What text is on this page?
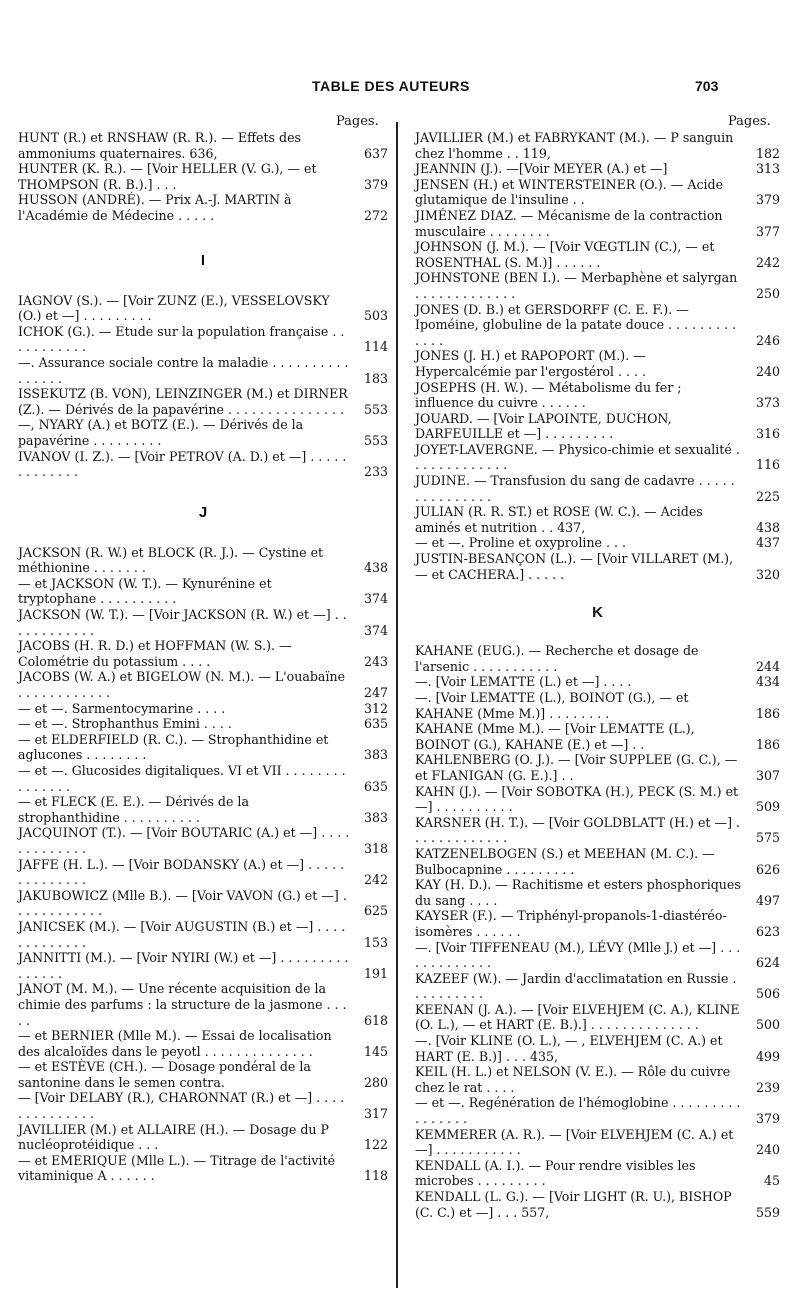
TABLE DES AUTEURS	703
Pages.	Pages.
HUNT (R.) et RNSHAW (R. R.). — Effets des ammoniums quaternaires. 636,	637
HUNTER (K. R.). — [Voir HELLER (V. G.), — et THOMPSON (R. B.).] . . .	379
HUSSON (ANDRÉ). — Prix A.-J. MARTIN à l'Académie de Médecine . . . . .	272
I
IAGNOV (S.). — [Voir ZUNZ (E.), VESSELOVSKY (O.) et —] . . . . . . . . .	503
ICHOK (G.). — Etude sur la population française . . . . . . . . . . .	114
—. Assurance sociale contre la maladie . . . . . . . . . . . . . . . .	183
ISSEKUTZ (B. VON), LEINZINGER (M.) et DIRNER (Z.). — Dérivés de la papavérine . . . . . . . . . . . . . . .	553
—, NYARY (A.) et BOTZ (E.). — Dérivés de la papavérine . . . . . . . . .	553
IVANOV (I. Z.). — [Voir PETROV (A. D.) et —] . . . . . . . . . . . . .	233
J
JACKSON (R. W.) et BLOCK (R. J.). — Cystine et méthionine . . . . . . .	438
— et JACKSON (W. T.). — Kynurénine et tryptophane . . . . . . . . . .	374
JACKSON (W. T.). — [Voir JACKSON (R. W.) et —] . . . . . . . . . . . .	374
JACOBS (H. R. D.) et HOFFMAN (W. S.). — Colométrie du potassium . . . .	243
JACOBS (W. A.) et BIGELOW (N. M.). — L'ouabaïne . . . . . . . . . . . .	247
— et —. Sarmentocymarine . . . .	312
— et —. Strophanthus Emini . . . .	635
— et ELDERFIELD (R. C.). — Strophanthidine et aglucones . . . . . . . .	383
— et —. Glucosides digitaliques. VI et VII . . . . . . . . . . . . . . .	635
— et FLECK (E. E.). — Dérivés de la strophanthidine . . . . . . . . . .	383
JACQUINOT (T.). — [Voir BOUTARIC (A.) et —] . . . . . . . . . . . . .	318
JAFFE (H. L.). — [Voir BODANSKY (A.) et —] . . . . . . . . . . . . . .	242
JAKUBOWICZ (Mlle B.). — [Voir VAVON (G.) et —] . . . . . . . . . . . .	625
JANICSEK (M.). — [Voir AUGUSTIN (B.) et —] . . . . . . . . . . . . .	153
JANNITTI (M.). — [Voir NYIRI (W.) et —] . . . . . . . . . . . . . . .	191
JANOT (M. M.). — Une récente acquisition de la chimie des parfums : la structure de la jasmone . . . . .	618
— et BERNIER (Mlle M.). — Essai de localisation des alcaloïdes dans le peyotl . . . . . . . . . . . . . .	145
— et ESTÈVE (CH.). — Dosage pondéral de la santonine dans le semen contra.	280
— [Voir DELABY (R.), CHARONNAT (R.) et —] . . . . . . . . . . . . . .	317
JAVILLIER (M.) et ALLAIRE (H.). — Dosage du P nucléoprotéidique . . .	122
— et EMERIQUE (Mlle L.). — Titrage de l'activité vitaminique A . . . . . .	118
JAVILLIER (M.) et FABRYKANT (M.). — P sanguin chez l'homme . . 119,	182
JEANNIN (J.). —[Voir MEYER (A.) et —]	313
JENSEN (H.) et WINTERSTEINER (O.). — Acide glutamique de l'insuline . .	379
JIMÉNEZ DIAZ. — Mécanisme de la contraction musculaire . . . . . . . .	377
JOHNSON (J. M.). — [Voir VŒGTLIN (C.), — et ROSENTHAL (S. M.)] . . . . . .	242
JOHNSTONE (BEN I.). — Merbaphène et salyrgan . . . . . . . . . . . . .	250
JONES (D. B.) et GERSDORFF (C. E. F.). — Ipoméine, globuline de la patate douce . . . . . . . . . . . . .	246
JONES (J. H.) et RAPOPORT (M.). — Hypercalcémie par l'ergostérol . . . .	240
JOSEPHS (H. W.). — Métabolisme du fer ; influence du cuivre . . . . . .	373
JOUARD. — [Voir LAPOINTE, DUCHON, DARFEUILLE et —] . . . . . . . . .	316
JOYET-LAVERGNE. — Physico-chimie et sexualité . . . . . . . . . . . . .	116
JUDINE. — Transfusion du sang de cadavre . . . . . . . . . . . . . . .	225
JULIAN (R. R. ST.) et ROSE (W. C.). — Acides aminés et nutrition . . 437,	438
— et —. Proline et oxyproline . . .	437
JUSTIN-BESANÇON (L.). — [Voir VILLARET (M.), — et CACHERA.] . . . . .	320
K
KAHANE (EUG.). — Recherche et dosage de l'arsenic . . . . . . . . . . .	244
—. [Voir LEMATTE (L.) et —] . . . .	434
—. [Voir LEMATTE (L.), BOINOT (G.), — et KAHANE (Mme M.)] . . . . . . . .	186
KAHANE (Mme M.). — [Voir LEMATTE (L.), BOINOT (G.), KAHANE (E.) et —] . .	186
KAHLENBERG (O. J.). — [Voir SUPPLEE (G. C.), — et FLANIGAN (G. E.).] . .	307
KAHN (J.). — [Voir SOBOTKA (H.), PECK (S. M.) et —] . . . . . . . . . .	509
KARSNER (H. T.). — [Voir GOLDBLATT (H.) et —] . . . . . . . . . . . . .	575
KATZENELBOGEN (S.) et MEEHAN (M. C.). — Bulbocapnine . . . . . . . . .	626
KAY (H. D.). — Rachitisme et esters phosphoriques du sang . . . .	497
KAYSER (F.). — Triphényl-propanols-1-diastéréo-isomères . . . . . .	623
—. [Voir TIFFENEAU (M.), LÉVY (Mlle J.) et —] . . . . . . . . . . . . .	624
KAZEEF (W.). — Jardin d'acclimatation en Russie . . . . . . . . . .	506
KEENAN (J. A.). — [Voir ELVEHJEM (C. A.), KLINE (O. L.), — et HART (E. B.).] . . . . . . . . . . . . . .	500
—. [Voir KLINE (O. L.), — , ELVEHJEM (C. A.) et HART (E. B.)] . . . 435,	499
KEIL (H. L.) et NELSON (V. E.). — Rôle du cuivre chez le rat . . . .	239
— et —. Regénération de l'hémoglobine . . . . . . . . . . . . . . . .	379
KEMMERER (A. R.). — [Voir ELVEHJEM (C. A.) et —] . . . . . . . . . . .	240
KENDALL (A. I.). — Pour rendre visibles les microbes . . . . . . . . .	45
KENDALL (L. G.). — [Voir LIGHT (R. U.), BISHOP (C. C.) et —] . . . 557,	559
